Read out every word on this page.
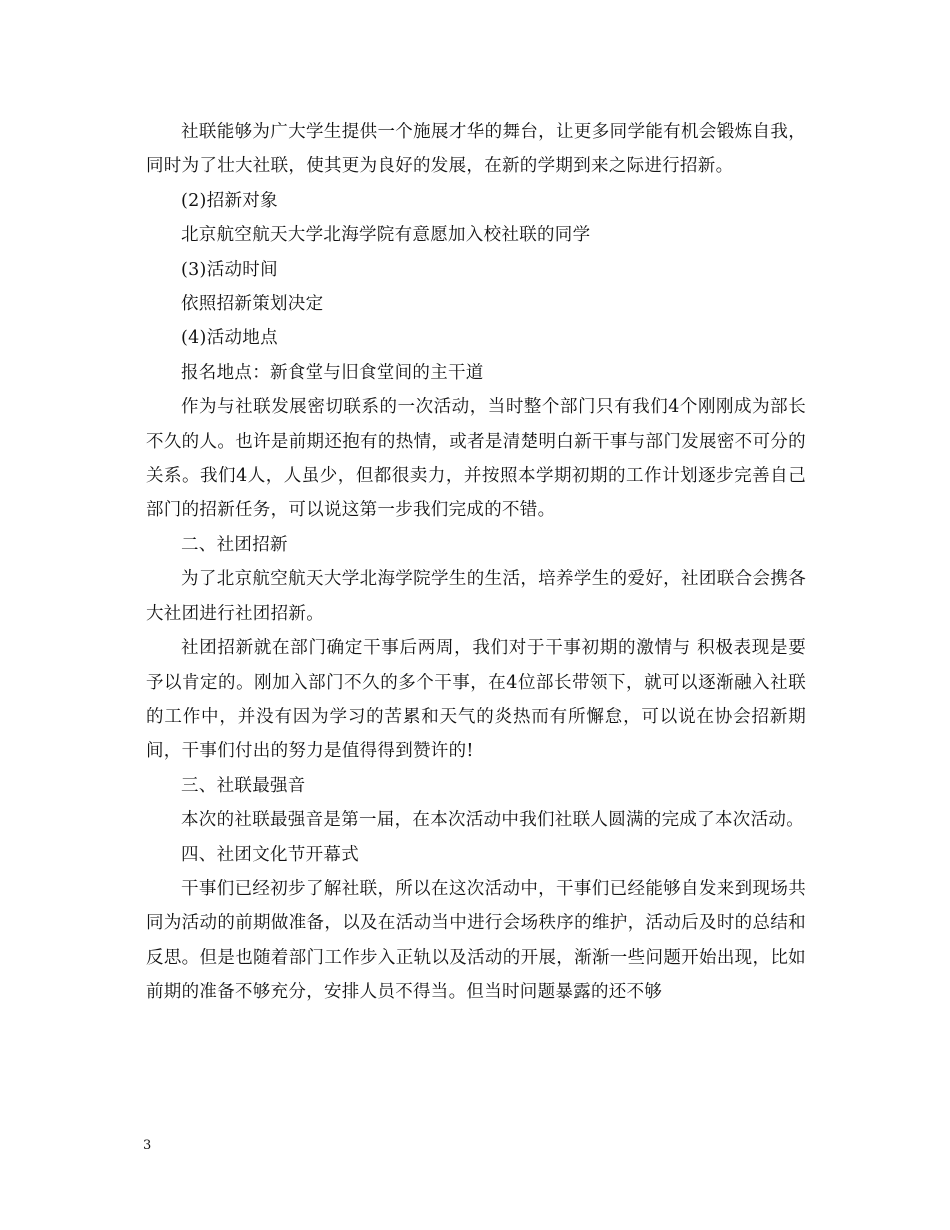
社联能够为广大学生提供一个施展才华的舞台，让更多同学能有机会锻炼自我，同时为了壮大社联，使其更为良好的发展，在新的学期到来之际进行招新。

(2)招新对象

北京航空航天大学北海学院有意愿加入校社联的同学

(3)活动时间

依照招新策划决定

(4)活动地点

报名地点：新食堂与旧食堂间的主干道

作为与社联发展密切联系的一次活动，当时整个部门只有我们4个刚刚成为部长不久的人。也许是前期还抱有的热情，或者是清楚明白新干事与部门发展密不可分的关系。我们4人，人虽少，但都很卖力，并按照本学期初期的工作计划逐步完善自己部门的招新任务，可以说这第一步我们完成的不错。

二、社团招新

为了北京航空航天大学北海学院学生的生活，培养学生的爱好，社团联合会携各大社团进行社团招新。

社团招新就在部门确定干事后两周，我们对于干事初期的激情与 积极表现是要予以肯定的。刚加入部门不久的多个干事，在4位部长带领下，就可以逐渐融入社联的工作中，并没有因为学习的苦累和天气的炎热而有所懈怠，可以说在协会招新期间，干事们付出的努力是值得得到赞许的!

三、社联最强音

本次的社联最强音是第一届，在本次活动中我们社联人圆满的完成了本次活动。

四、社团文化节开幕式

干事们已经初步了解社联，所以在这次活动中，干事们已经能够自发来到现场共同为活动的前期做准备，以及在活动当中进行会场秩序的维护，活动后及时的总结和反思。但是也随着部门工作步入正轨以及活动的开展，渐渐一些问题开始出现，比如前期的准备不够充分，安排人员不得当。但当时问题暴露的还不够

3
